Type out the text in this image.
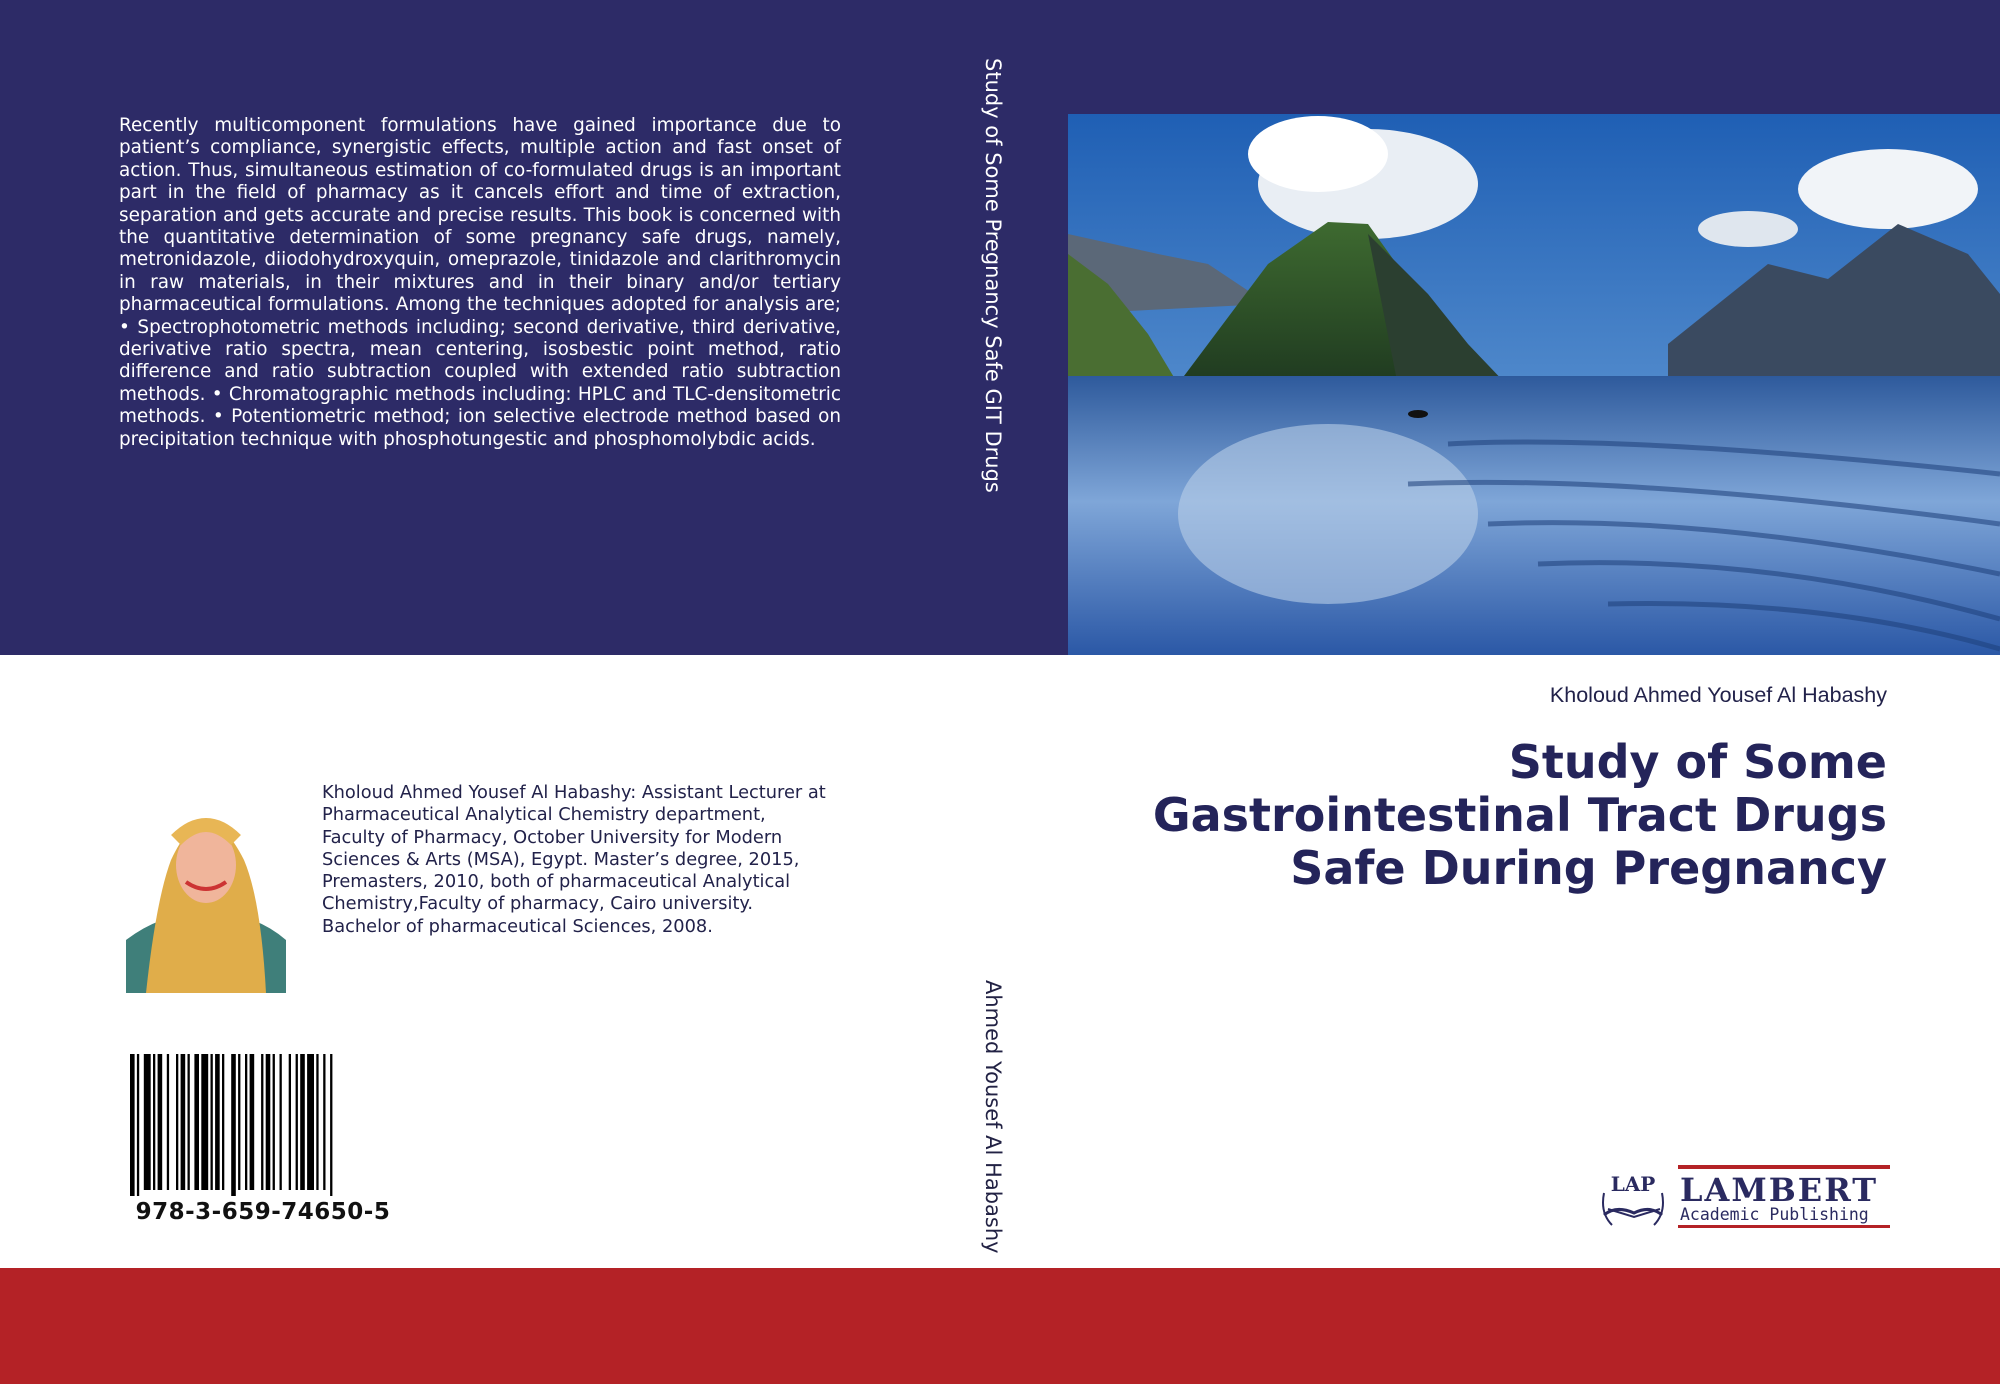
Recently multicomponent formulations have gained importance due to patient’s compliance, synergistic effects, multiple action and fast onset of action. Thus, simultaneous estimation of co-formulated drugs is an important part in the field of pharmacy as it cancels effort and time of extraction, separation and gets accurate and precise results. This book is concerned with the quantitative determination of some pregnancy safe drugs, namely, metronidazole, diiodohydroxyquin, omeprazole, tinidazole and clarithromycin in raw materials, in their mixtures and in their binary and/or tertiary pharmaceutical formulations. Among the techniques adopted for analysis are; • Spectrophotometric methods including; second derivative, third derivative, derivative ratio spectra, mean centering, isosbestic point method, ratio difference and ratio subtraction coupled with extended ratio subtraction methods. • Chromatographic methods including: HPLC and TLC-densitometric methods. • Potentiometric method; ion selective electrode method based on precipitation technique with phosphotungestic and phosphomolybdic acids.	Study of Some Pregnancy Safe GIT Drugs
Ahmed Yousef Al Habashy
Kholoud Ahmed Yousef Al Habashy
Study of Some Gastrointestinal Tract Drugs Safe During Pregnancy

Kholoud Ahmed Yousef Al Habashy: Assistant Lecturer at Pharmaceutical Analytical Chemistry department, Faculty of Pharmacy, October University for Modern Sciences & Arts (MSA), Egypt. Master’s degree, 2015, Premasters, 2010, both of pharmaceutical Analytical Chemistry,Faculty of pharmacy, Cairo university. Bachelor of pharmaceutical Sciences, 2008.

978-3-659-74650-5
LAP LAMBERT
Academic Publishing
